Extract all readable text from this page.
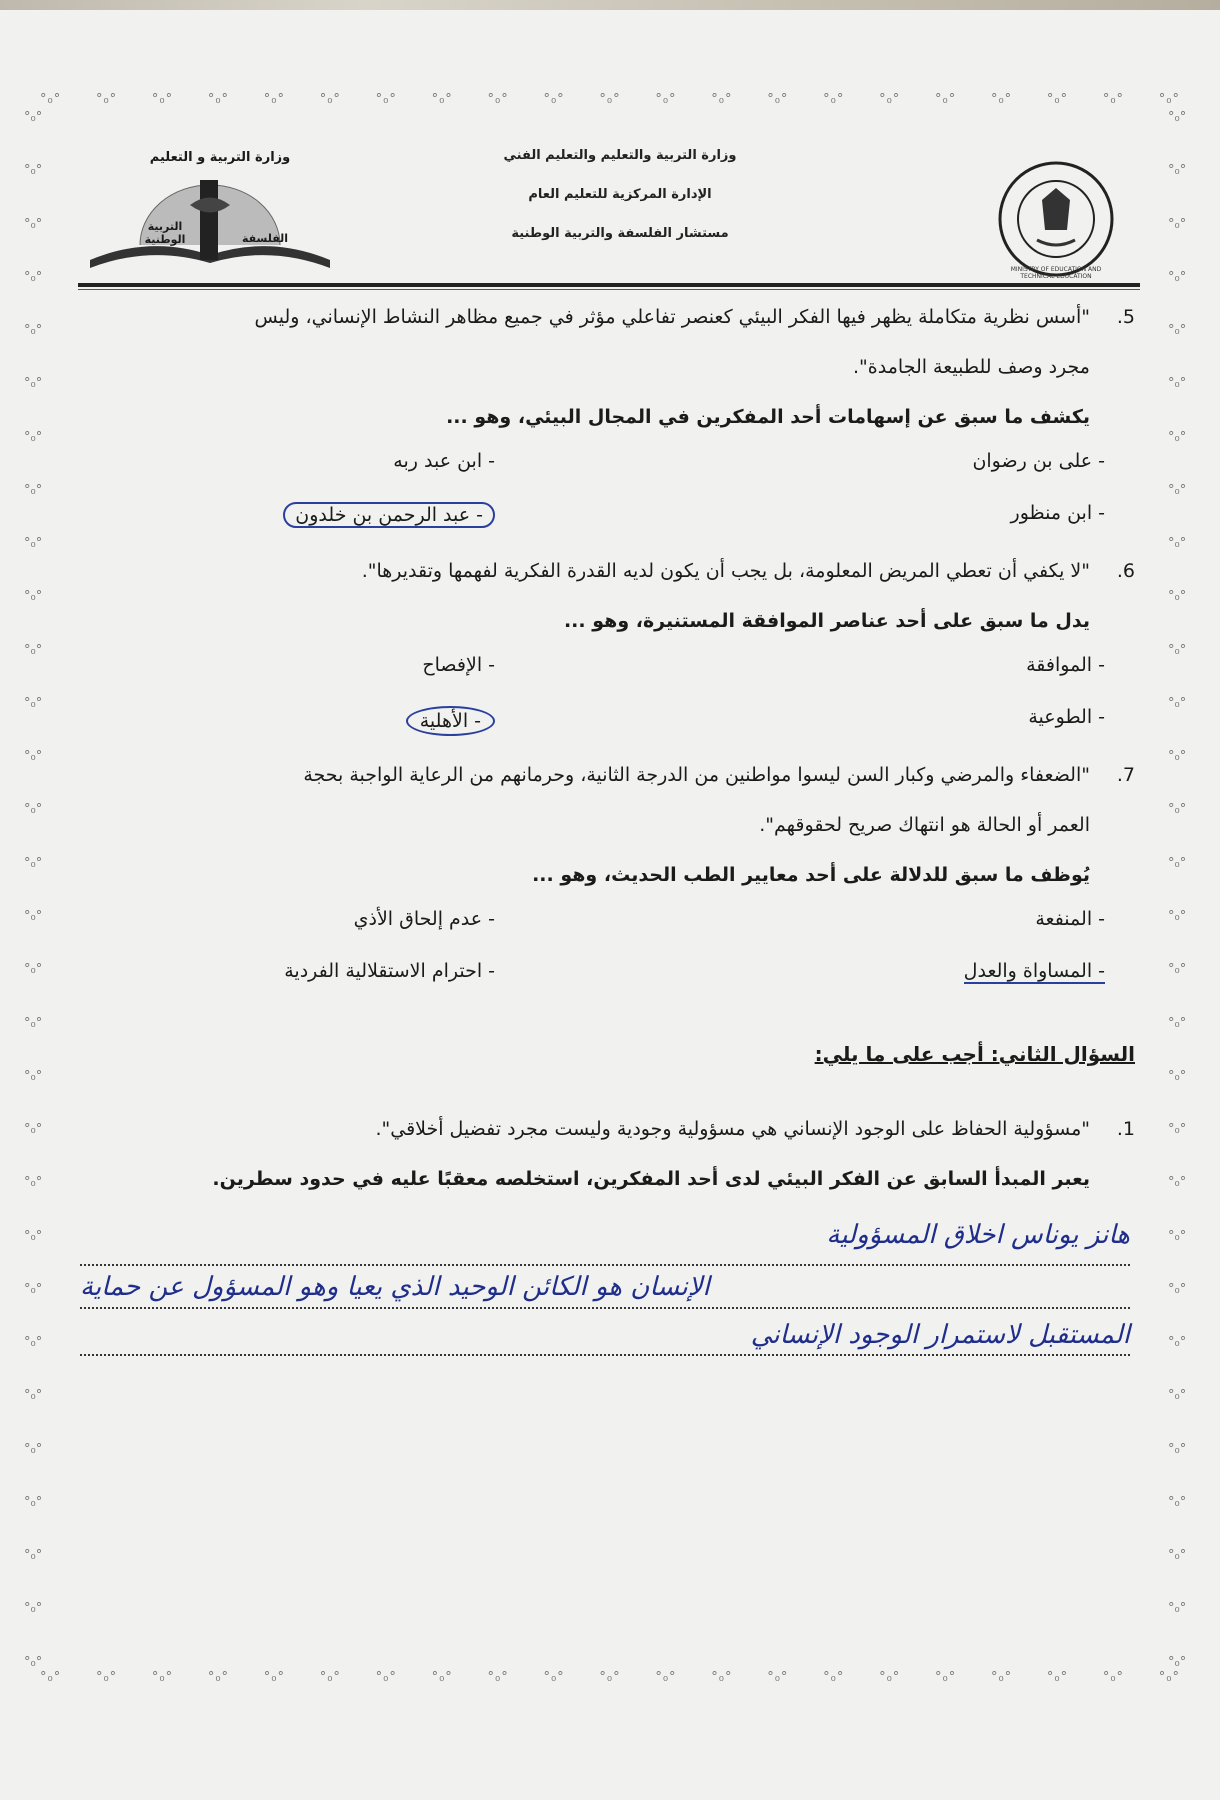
°₀°	°₀°	°₀°	°₀°	°₀°	°₀°	°₀°	°₀°	°₀°	°₀°	°₀°	°₀°	°₀°	°₀°	°₀°	°₀°	°₀°	°₀°	°₀°	°₀°	°₀°
°₀°	°₀°	°₀°	°₀°	°₀°	°₀°	°₀°	°₀°	°₀°	°₀°	°₀°	°₀°	°₀°	°₀°	°₀°	°₀°	°₀°	°₀°	°₀°	°₀°	°₀°
°₀°
°₀°
°₀°
°₀°
°₀°
°₀°
°₀°
°₀°
°₀°
°₀°
°₀°
°₀°
°₀°
°₀°
°₀°
°₀°
°₀°
°₀°
°₀°
°₀°
°₀°
°₀°
°₀°
°₀°
°₀°
°₀°
°₀°
°₀°
°₀°
°₀°
°₀°
°₀°
°₀°
°₀°
°₀°
°₀°
°₀°
°₀°
°₀°
°₀°
°₀°
°₀°
°₀°
°₀°
°₀°
°₀°
°₀°
°₀°
°₀°
°₀°
°₀°
°₀°
°₀°
°₀°
°₀°
°₀°
°₀°
°₀°
°₀°
°₀°
وزارة التربية و التعليم
التربية الوطنية	الفلسفة
وزارة التربية والتعليم والتعليم الفني
الإدارة المركزية للتعليم العام
مستشار الفلسفة والتربية الوطنية
MINISTRY OF EDUCATION AND TECHNICAL EDUCATION
5.
"أسس نظرية متكاملة يظهر فيها الفكر البيئي كعنصر تفاعلي مؤثر في جميع مظاهر النشاط الإنساني، وليس
مجرد وصف للطبيعة الجامدة".
يكشف ما سبق عن إسهامات أحد المفكرين في المجال البيئي، وهو ...
- على بن رضوان
- ابن عبد ربه
- ابن منظور
- عبد الرحمن بن خلدون
6.
"لا يكفي أن تعطي المريض المعلومة، بل يجب أن يكون لديه القدرة الفكرية لفهمها وتقديرها".
يدل ما سبق على أحد عناصر الموافقة المستنيرة، وهو ...
- الموافقة
- الإفصاح
- الطوعية
- الأهلية
7.
"الضعفاء والمرضي وكبار السن ليسوا مواطنين من الدرجة الثانية، وحرمانهم من الرعاية الواجبة بحجة
العمر أو الحالة هو انتهاك صريح لحقوقهم".
يُوظف ما سبق للدلالة على أحد معايير الطب الحديث، وهو ...
- المنفعة
- عدم إلحاق الأذي
- المساواة والعدل
- احترام الاستقلالية الفردية
السؤال الثاني: أجب على ما يلي:
1.
"مسؤولية الحفاظ على الوجود الإنساني هي مسؤولية وجودية وليست مجرد تفضيل أخلاقي".
يعبر المبدأ السابق عن الفكر البيئي لدى أحد المفكرين، استخلصه معقبًا عليه في حدود سطرين.
هانز يوناس اخلاق المسؤولية
الإنسان هو الكائن الوحيد الذي يعيا وهو المسؤول عن حماية
المستقبل لاستمرار الوجود الإنساني
